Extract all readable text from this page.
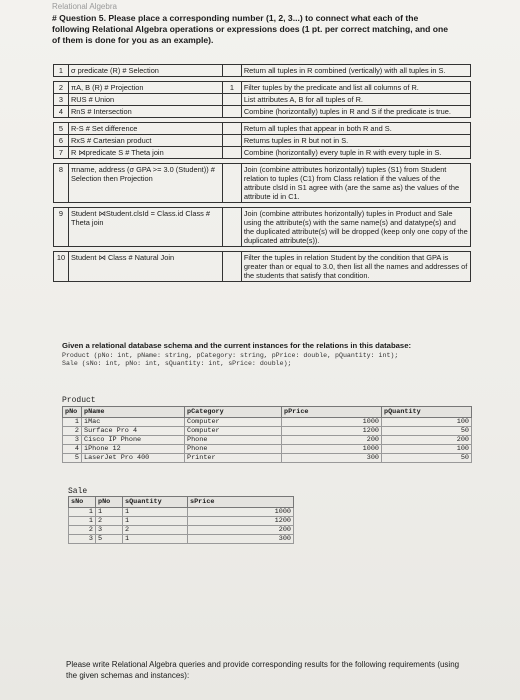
Relational Algebra
# Question 5. Please place a corresponding number (1, 2, 3...) to connect what each of the following Relational Algebra operations or expressions does (1 pt. per correct matching, and one of them is done for you as an example).
1	σ predicate (R) # Selection		Return all tuples in R combined (vertically) with all tuples in S.

2	πA, B (R) # Projection	1	Filter tuples by the predicate and list all columns of R.
3	RUS # Union		List attributes A, B for all tuples of R.
4	RnS # Intersection		Combine (horizontally) tuples in R and S if the predicate is true.

5	R-S # Set difference		Return all tuples that appear in both R and S.
6	RxS # Cartesian product		Returns tuples in R but not in S.
7	R ⋈predicate S # Theta join		Combine (horizontally) every tuple in R with every tuple in S.

8	πname, address (σ GPA >= 3.0 (Student)) # Selection then Projection		Join (combine attributes horizontally) tuples (S1) from Student relation to tuples (C1) from Class relation if the values of the attribute clsId in S1 agree with (are the same as) the values of the attribute id in C1.

9	Student ⋈Student.clsId = Class.id Class # Theta join		Join (combine attributes horizontally) tuples in Product and Sale using the attribute(s) with the same name(s) and datatype(s) and the duplicated attribute(s) will be dropped (keep only one copy of the duplicated attribute(s)).

10	Student ⋈ Class # Natural Join		Filter the tuples in relation Student by the condition that GPA is greater than or equal to 3.0, then list all the names and addresses of the students that satisfy that condition.
Given a relational database schema and the current instances for the relations in this database:
Product (pNo: int, pName: string, pCategory: string, pPrice: double, pQuantity: int);
Sale (sNo: int, pNo: int, sQuantity: int, sPrice: double);
Product
pNo	pName	pCategory	pPrice	pQuantity
1	iMac	Computer	1000	100
2	Surface Pro 4	Computer	1200	50
3	Cisco IP Phone	Phone	200	200
4	iPhone 12	Phone	1000	100
5	LaserJet Pro 400	Printer	300	50
Sale
sNo	pNo	sQuantity	sPrice
1	1	1	1000
1	2	1	1200
2	3	2	200
3	5	1	300
Please write Relational Algebra queries and provide corresponding results for the following requirements (using the given schemas and instances):
